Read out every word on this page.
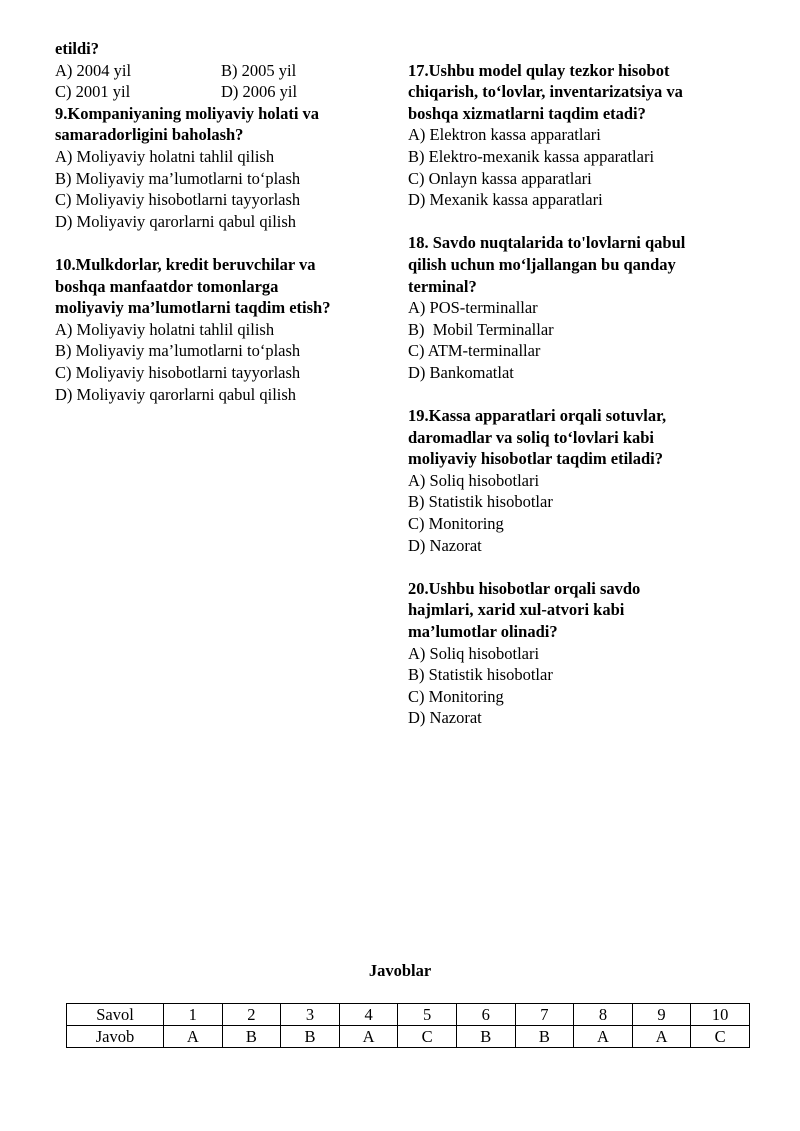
etildi?
A) 2004 yil	B) 2005 yil
C) 2001 yil	D) 2006 yil
9.Kompaniyaning moliyaviy holati va
samaradorligini baholash?
A) Moliyaviy holatni tahlil qilish
B) Moliyaviy ma’lumotlarni to‘plash
C) Moliyaviy hisobotlarni tayyorlash
D) Moliyaviy qarorlarni qabul qilish
10.Mulkdorlar, kredit beruvchilar va
boshqa manfaatdor tomonlarga
moliyaviy ma’lumotlarni taqdim etish?
A) Moliyaviy holatni tahlil qilish
B) Moliyaviy ma’lumotlarni to‘plash
C) Moliyaviy hisobotlarni tayyorlash
D) Moliyaviy qarorlarni qabul qilish
17.Ushbu model qulay tezkor hisobot
chiqarish, to‘lovlar, inventarizatsiya va
boshqa xizmatlarni taqdim etadi?
A) Elektron kassa apparatlari
B) Elektro-mexanik kassa apparatlari
C) Onlayn kassa apparatlari
D) Mexanik kassa apparatlari
18. Savdo nuqtalarida to'lovlarni qabul
qilish uchun mo‘ljallangan bu qanday
terminal?
A) POS-terminallar
B)  Mobil Terminallar
C) ATM-terminallar
D) Bankomatlat
19.Kassa apparatlari orqali sotuvlar,
daromadlar va soliq to‘lovlari kabi
moliyaviy hisobotlar taqdim etiladi?
A) Soliq hisobotlari
B) Statistik hisobotlar
C) Monitoring
D) Nazorat
20.Ushbu hisobotlar orqali savdo
hajmlari, xarid xul-atvori kabi
ma’lumotlar olinadi?
A) Soliq hisobotlari
B) Statistik hisobotlar
C) Monitoring
D) Nazorat
Javoblar
Savol	1	2	3	4	5	6	7	8	9	10
Javob	A	B	B	A	C	B	B	A	A	C
